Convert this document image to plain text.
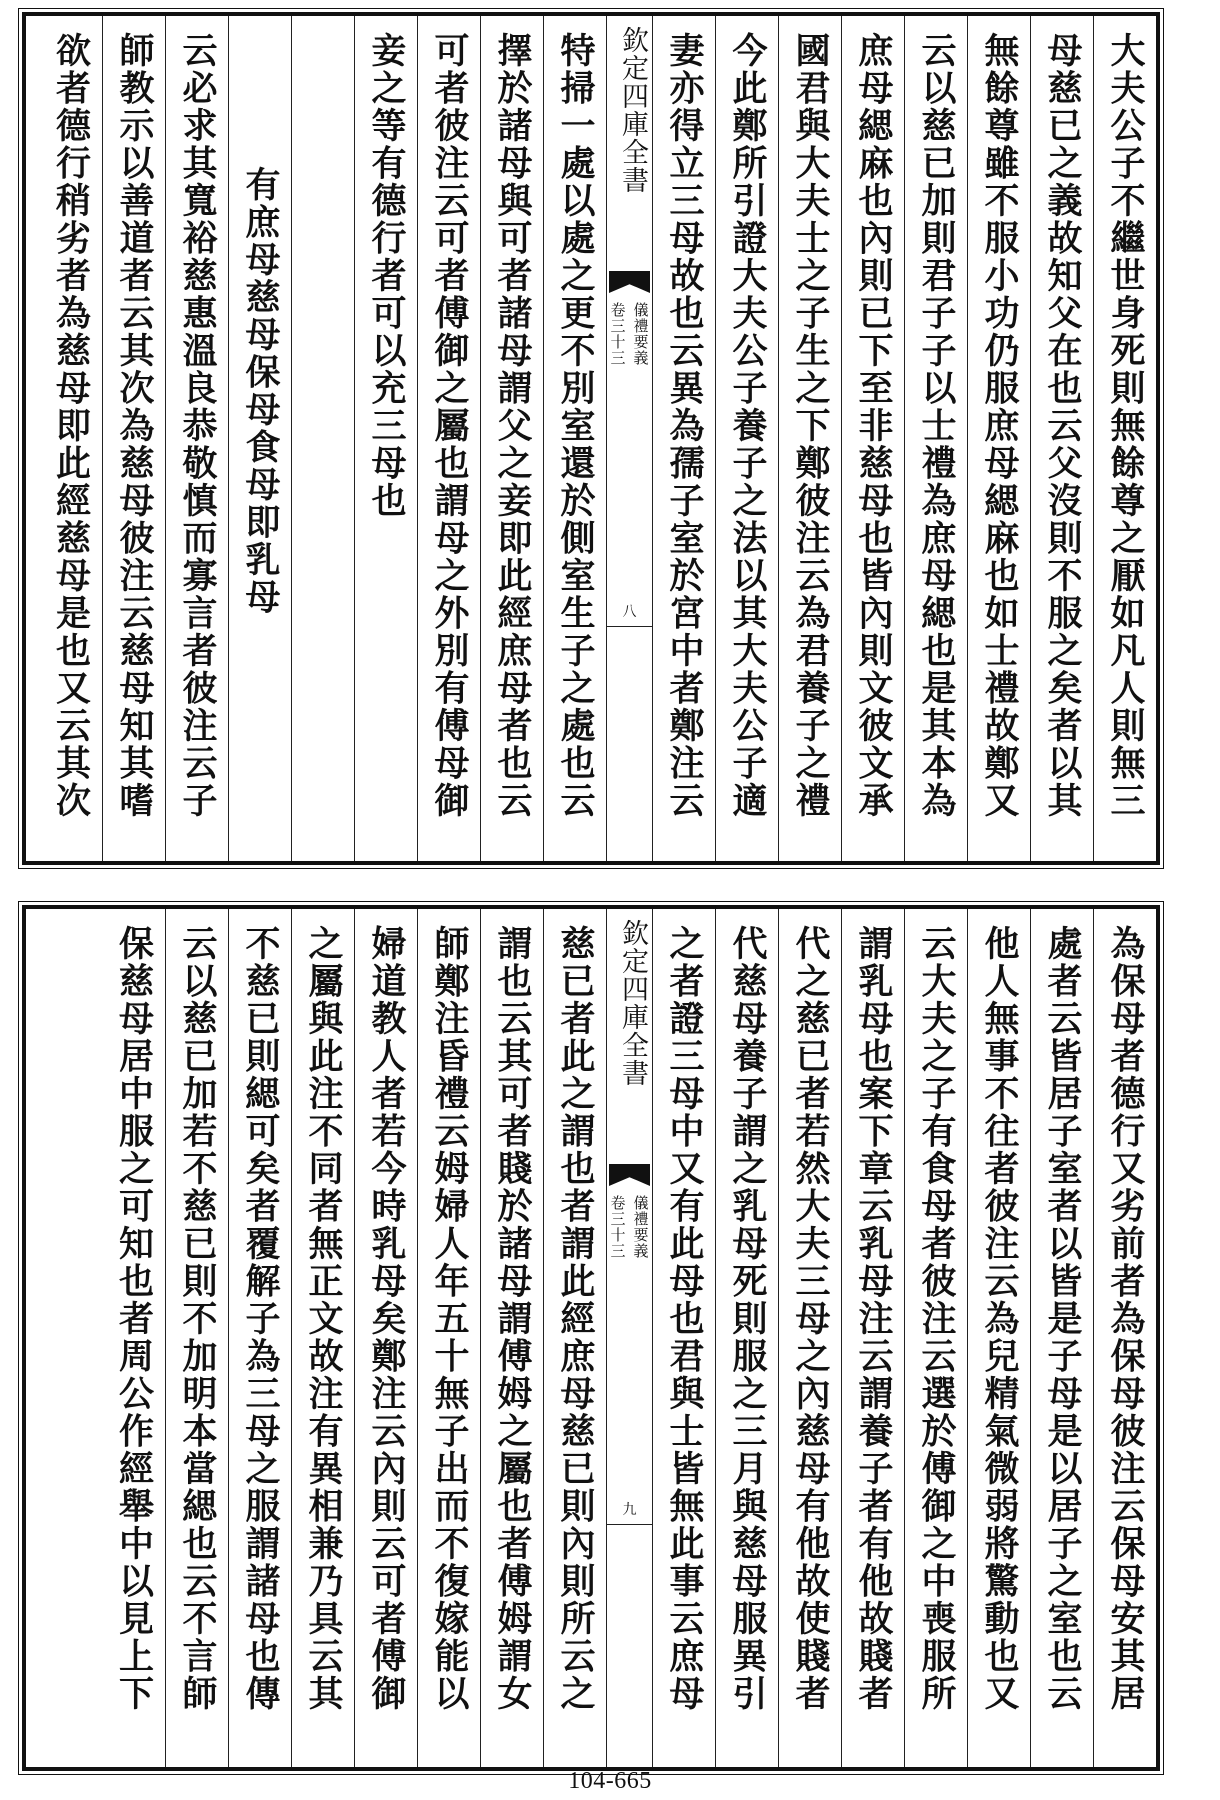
大夫公子不繼世身死則無餘尊之厭如凡人則無三
母慈已之義故知父在也云父沒則不服之矣者以其
無餘尊雖不服小功仍服庶母緦麻也如士禮故鄭又
云以慈已加則君子子以士禮為庶母緦也是其本為
庶母緦麻也內則已下至非慈母也皆內則文彼文承
國君與大夫士之子生之下鄭彼注云為君養子之禮
今此鄭所引證大夫公子養子之法以其大夫公子適
妻亦得立三母故也云異為孺子室於宮中者鄭注云
欽定四庫全書
儀禮要義
卷三十三
八
特掃一處以處之更不別室還於側室生子之處也云
擇於諸母與可者諸母謂父之妾即此經庶母者也云
可者彼注云可者傅御之屬也謂母之外別有傅母御
妾之等有德行者可以充三母也
有庶母慈母保母食母即乳母
云必求其寬裕慈惠溫良恭敬慎而寡言者彼注云子
師教示以善道者云其次為慈母彼注云慈母知其嗜
欲者德行稍劣者為慈母即此經慈母是也又云其次
為保母者德行又劣前者為保母彼注云保母安其居
處者云皆居子室者以皆是子母是以居子之室也云
他人無事不往者彼注云為兒精氣微弱將驚動也又
云大夫之子有食母者彼注云選於傅御之中喪服所
謂乳母也案下章云乳母注云謂養子者有他故賤者
代之慈已者若然大夫三母之內慈母有他故使賤者
代慈母養子謂之乳母死則服之三月與慈母服異引
之者證三母中又有此母也君與士皆無此事云庶母
欽定四庫全書
儀禮要義
卷三十三
九
慈已者此之謂也者謂此經庶母慈已則內則所云之
謂也云其可者賤於諸母謂傅姆之屬也者傅姆謂女
師鄭注昏禮云姆婦人年五十無子出而不復嫁能以
婦道教人者若今時乳母矣鄭注云內則云可者傅御
之屬與此注不同者無正文故注有異相兼乃具云其
不慈已則緦可矣者覆解子為三母之服謂諸母也傳
云以慈已加若不慈已則不加明本當緦也云不言師
保慈母居中服之可知也者周公作經舉中以見上下
104-665
